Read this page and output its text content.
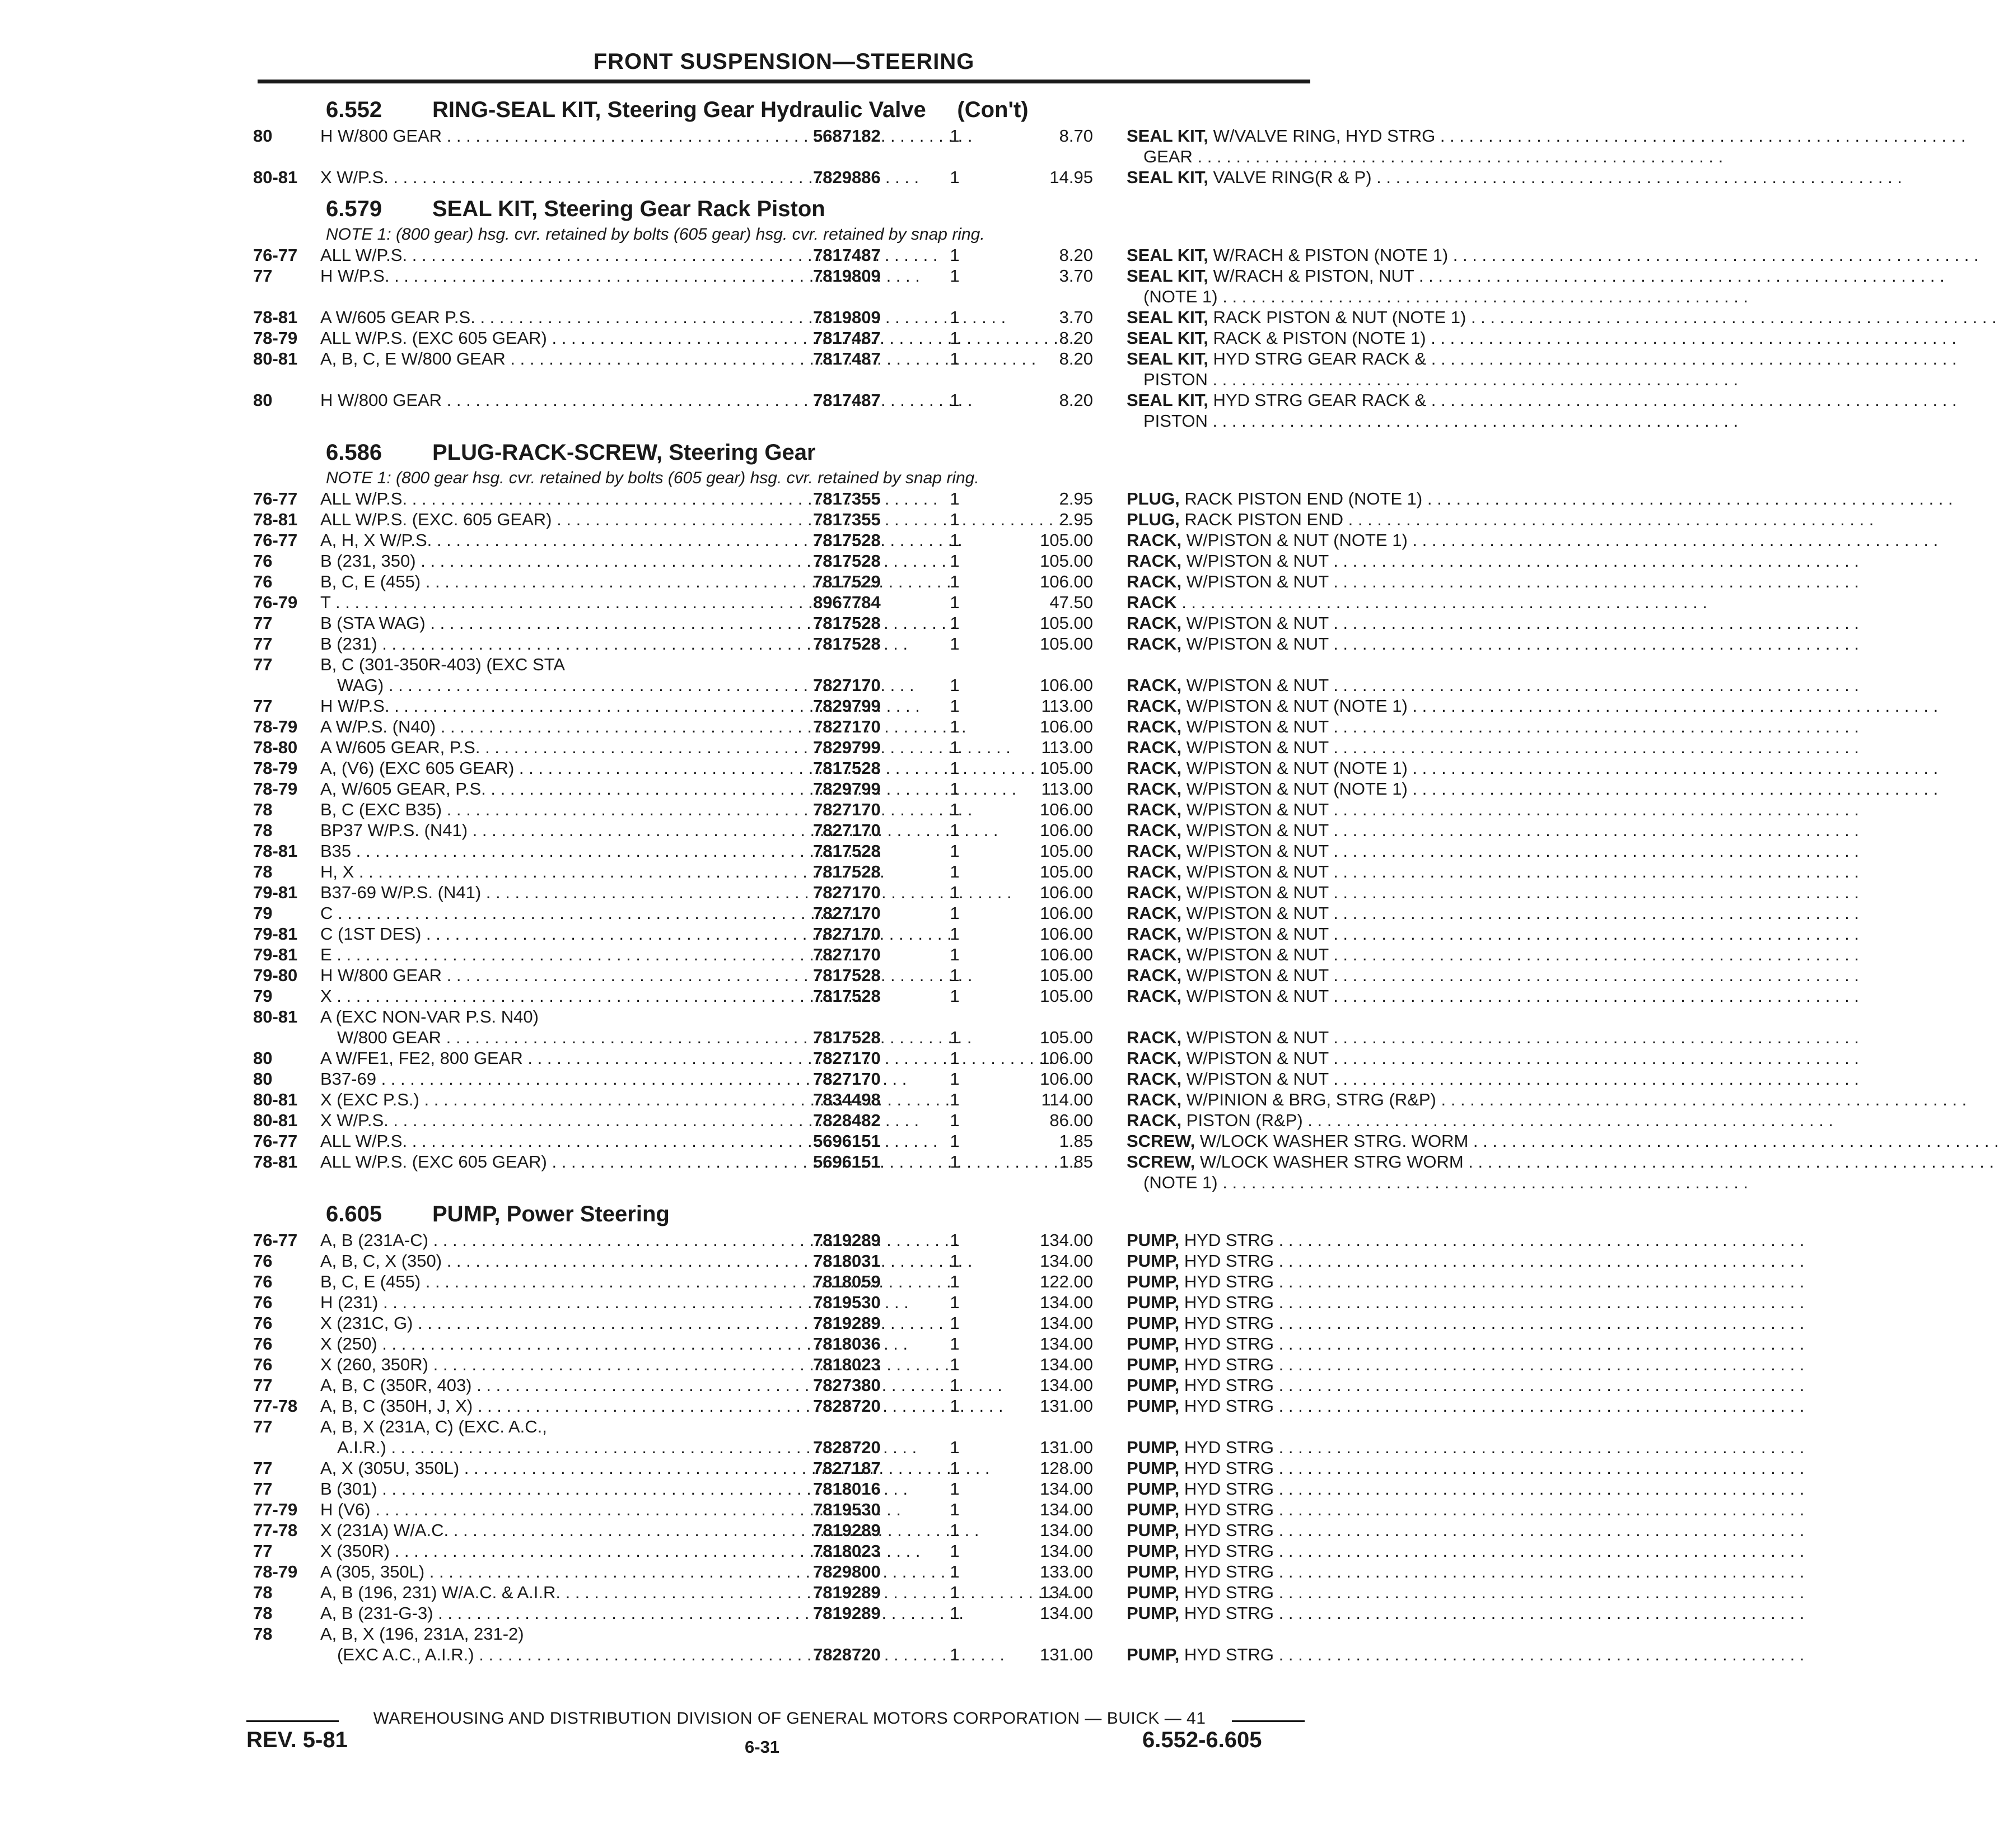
FRONT SUSPENSION—STEERING
6.552 RING-SEAL KIT, Steering Gear Hydraulic Valve     (Con't)
80	H W/800 GEAR . . .	5687182	1	8.70 SEAL KIT, W/VALVE RING, HYD STRG . . .
GEAR . . .
80-81	X W/P.S. . . .	7829886	1	14.95 SEAL KIT, VALVE RING(R & P) . . .
6.579 SEAL KIT, Steering Gear Rack Piston
NOTE 1: (800 gear) hsg. cvr. retained by bolts (605 gear) hsg. cvr. retained by snap ring.
76-77	ALL W/P.S. . . .	7817487	1	8.20 SEAL KIT, W/RACH & PISTON (NOTE 1) . . .
77	H W/P.S. . . .	7819809	1	3.70 SEAL KIT, W/RACH & PISTON, NUT . . .
(NOTE 1) . . .
78-81	A W/605 GEAR P.S. . . .	7819809	1	3.70 SEAL KIT, RACK PISTON & NUT (NOTE 1) . . .
78-79	ALL W/P.S. (EXC 605 GEAR) . . .	7817487	1	8.20 SEAL KIT, RACK & PISTON (NOTE 1) . . .
80-81	A, B, C, E W/800 GEAR . . .	7817487	1	8.20 SEAL KIT, HYD STRG GEAR RACK & . . .
PISTON . . .
80	H W/800 GEAR . . .	7817487	1	8.20 SEAL KIT, HYD STRG GEAR RACK & . . .
PISTON . . .
6.586 PLUG-RACK-SCREW, Steering Gear
NOTE 1: (800 gear hsg. cvr. retained by bolts (605 gear) hsg. cvr. retained by snap ring.
76-77	ALL W/P.S. . . .	7817355	1	2.95 PLUG, RACK PISTON END (NOTE 1) . . .
78-81	ALL W/P.S. (EXC. 605 GEAR) . . .	7817355	1	2.95 PLUG, RACK PISTON END . . .
76-77	A, H, X W/P.S. . . .	7817528	1	105.00 RACK, W/PISTON & NUT (NOTE 1) . . .
76	B (231, 350) . . .	7817528	1	105.00 RACK, W/PISTON & NUT . . .
76	B, C, E (455) . . .	7817529	1	106.00 RACK, W/PISTON & NUT . . .
76-79	T . . .	8967784	1	47.50 RACK . . .
77	B (STA WAG) . . .	7817528	1	105.00 RACK, W/PISTON & NUT . . .
77	B (231) . . .	7817528	1	105.00 RACK, W/PISTON & NUT . . .
77	B, C (301-350R-403) (EXC STA
WAG) . . .	7827170	1	106.00 RACK, W/PISTON & NUT . . .
77	H W/P.S. . . .	7829799	1	113.00 RACK, W/PISTON & NUT (NOTE 1) . . .
78-79	A W/P.S. (N40) . . .	7827170	1	106.00 RACK, W/PISTON & NUT . . .
78-80	A W/605 GEAR, P.S. . . .	7829799	1	113.00 RACK, W/PISTON & NUT . . .
78-79	A, (V6) (EXC 605 GEAR) . . .	7817528	1	105.00 RACK, W/PISTON & NUT (NOTE 1) . . .
78-79	A, W/605 GEAR, P.S. . . .	7829799	1	113.00 RACK, W/PISTON & NUT (NOTE 1) . . .
78	B, C (EXC B35) . . .	7827170	1	106.00 RACK, W/PISTON & NUT . . .
78	BP37 W/P.S. (N41) . . .	7827170	1	106.00 RACK, W/PISTON & NUT . . .
78-81	B35 . . .	7817528	1	105.00 RACK, W/PISTON & NUT . . .
78	H, X . . .	7817528	1	105.00 RACK, W/PISTON & NUT . . .
79-81	B37-69 W/P.S. (N41) . . .	7827170	1	106.00 RACK, W/PISTON & NUT . . .
79	C . . .	7827170	1	106.00 RACK, W/PISTON & NUT . . .
79-81	C (1ST DES) . . .	7827170	1	106.00 RACK, W/PISTON & NUT . . .
79-81	E . . .	7827170	1	106.00 RACK, W/PISTON & NUT . . .
79-80	H W/800 GEAR . . .	7817528	1	105.00 RACK, W/PISTON & NUT . . .
79	X . . .	7817528	1	105.00 RACK, W/PISTON & NUT . . .
80-81	A (EXC NON-VAR P.S. N40)
W/800 GEAR . . .	7817528	1	105.00 RACK, W/PISTON & NUT . . .
80	A W/FE1, FE2, 800 GEAR . . .	7827170	1	106.00 RACK, W/PISTON & NUT . . .
80	B37-69 . . .	7827170	1	106.00 RACK, W/PISTON & NUT . . .
80-81	X (EXC P.S.) . . .	7834498	1	114.00 RACK, W/PINION & BRG, STRG (R&P) . . .
80-81	X W/P.S. . . .	7828482	1	86.00 RACK, PISTON (R&P) . . .
76-77	ALL W/P.S. . . .	5696151	1	1.85 SCREW, W/LOCK WASHER STRG. WORM . . .
78-81	ALL W/P.S. (EXC 605 GEAR) . . .	5696151	1	1.85 SCREW, W/LOCK WASHER STRG WORM . . .
(NOTE 1) . . .
6.605 PUMP, Power Steering
76-77	A, B (231A-C) . . .	7819289	1	134.00 PUMP, HYD STRG . . .
76	A, B, C, X (350) . . .	7818031	1	134.00 PUMP, HYD STRG . . .
76	B, C, E (455) . . .	7818059	1	122.00 PUMP, HYD STRG . . .
76	H (231) . . .	7819530	1	134.00 PUMP, HYD STRG . . .
76	X (231C, G) . . .	7819289	1	134.00 PUMP, HYD STRG . . .
76	X (250) . . .	7818036	1	134.00 PUMP, HYD STRG . . .
76	X (260, 350R) . . .	7818023	1	134.00 PUMP, HYD STRG . . .
77	A, B, C (350R, 403) . . .	7827380	1	134.00 PUMP, HYD STRG . . .
77-78	A, B, C (350H, J, X) . . .	7828720	1	131.00 PUMP, HYD STRG . . .
77	A, B, X (231A, C) (EXC. A.C.,
A.I.R.) . . .	7828720	1	131.00 PUMP, HYD STRG . . .
77	A, X (305U, 350L) . . .	7827187	1	128.00 PUMP, HYD STRG . . .
77	B (301) . . .	7818016	1	134.00 PUMP, HYD STRG . . .
77-79	H (V6) . . .	7819530	1	134.00 PUMP, HYD STRG . . .
77-78	X (231A) W/A.C. . . .	7819289	1	134.00 PUMP, HYD STRG . . .
77	X (350R) . . .	7818023	1	134.00 PUMP, HYD STRG . . .
78-79	A (305, 350L) . . .	7829800	1	133.00 PUMP, HYD STRG . . .
78	A, B (196, 231) W/A.C. & A.I.R. . . .	7819289	1	134.00 PUMP, HYD STRG . . .
78	A, B (231-G-3) . . .	7819289	1	134.00 PUMP, HYD STRG . . .
78	A, B, X (196, 231A, 231-2)
(EXC A.C., A.I.R.) . . .	7828720	1	131.00 PUMP, HYD STRG . . .
WAREHOUSING AND DISTRIBUTION DIVISION OF GENERAL MOTORS CORPORATION — BUICK — 41
REV. 5-81	6-31	6.552-6.605
